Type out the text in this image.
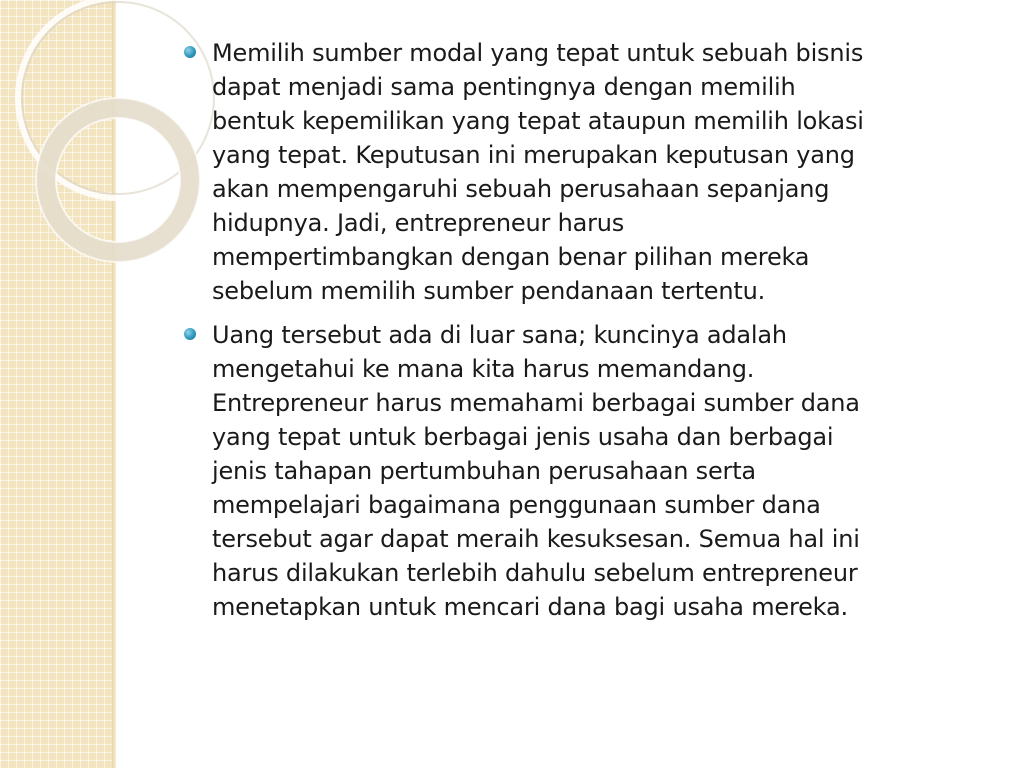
Memilih sumber modal yang tepat untuk sebuah bisnis
dapat menjadi sama pentingnya dengan memilih
bentuk kepemilikan yang tepat ataupun memilih lokasi
yang tepat. Keputusan ini merupakan keputusan yang
akan mempengaruhi sebuah perusahaan sepanjang
hidupnya. Jadi, entrepreneur harus
mempertimbangkan dengan benar pilihan mereka
sebelum memilih sumber pendanaan tertentu.

Uang tersebut ada di luar sana; kuncinya adalah
mengetahui ke mana kita harus memandang.
Entrepreneur harus memahami berbagai sumber dana
yang tepat untuk berbagai jenis usaha dan berbagai
jenis tahapan pertumbuhan perusahaan serta
mempelajari bagaimana penggunaan sumber dana
tersebut agar dapat meraih kesuksesan. Semua hal ini
harus dilakukan terlebih dahulu sebelum entrepreneur
menetapkan untuk mencari dana bagi usaha mereka.
